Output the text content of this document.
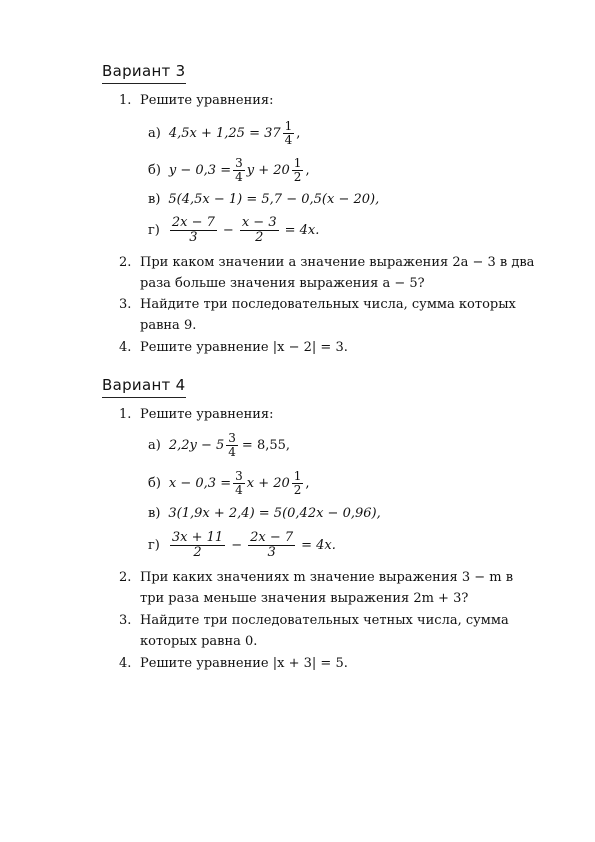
Вариант 3
1. Решите уравнения:
а) $4,5x + 1,25 = 37 \frac{1}{4}$ ,
б) $y - 0,3 = \frac{3}{4}$ $y + 20 \frac{1}{2}$ ,
в) 5(4,5x − 1) = 5,7 − 0,5(x − 20),
$г) \frac{2x - 7}{3} - \frac{x - 3}{2} = 4x$.
2. При каком значении a значение выражения 2a − 3 в два раза больше значения выражения a − 5?
3. Найдите три последовательных числа, сумма которых равна 9.
4. Решите уравнение |x − 2| = 3.
Вариант 4
1. Решите уравнения:
а) $2,2y - 5 \frac{3}{4} = 8,55$,
б) $x - 0,3 = \frac{3}{4}$ $x + 20 \frac{1}{2}$ ,
в) 3(1,9x + 2,4) = 5(0,42x − 0,96),
$г) \frac{3x + 11}{2} - \frac{2x - 7}{3} = 4x$.
2. При каких значениях m значение выражения 3 − m в три раза меньше значения выражения 2m + 3?
3. Найдите три последовательных четных числа, сумма которых равна 0.
4. Решите уравнение |x + 3| = 5.
